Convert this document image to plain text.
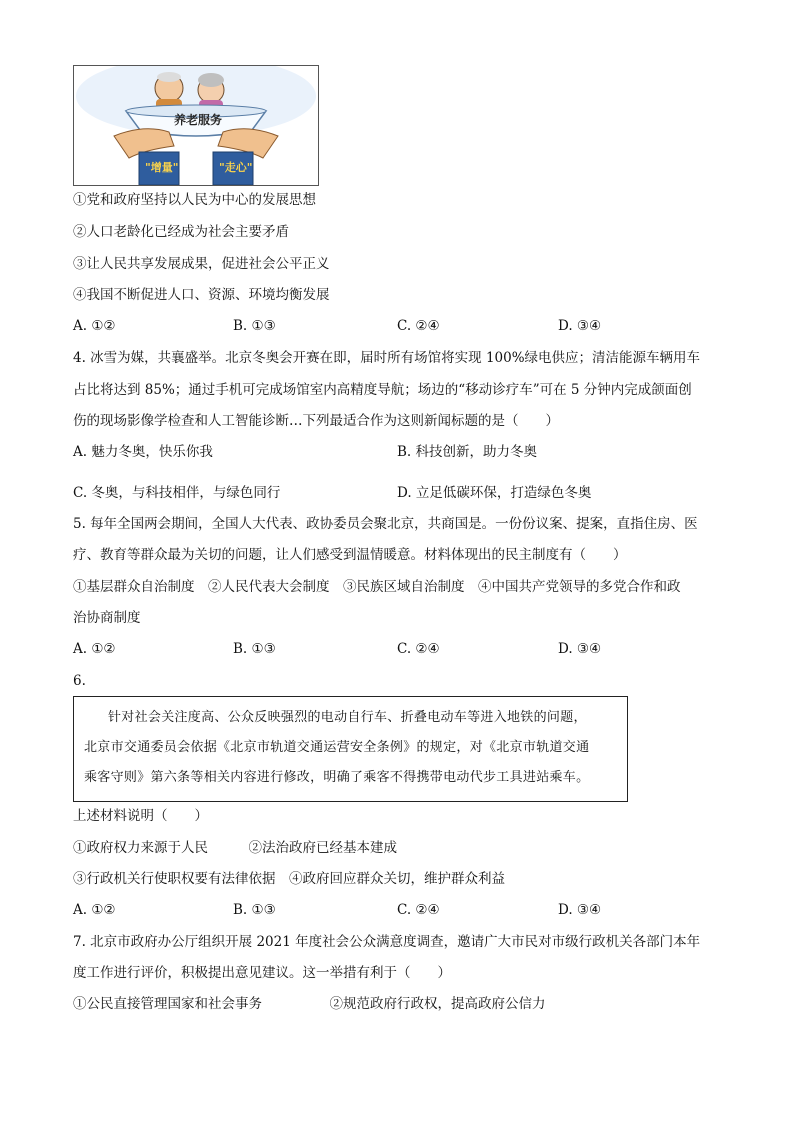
养老服务
"增量"	"走心"
①党和政府坚持以人民为中心的发展思想
②人口老龄化已经成为社会主要矛盾
③让人民共享发展成果，促进社会公平正义
④我国不断促进人口、资源、环境均衡发展
A. ①②	B. ①③	C. ②④	D. ③④
4. 冰雪为媒，共襄盛举。北京冬奥会开赛在即，届时所有场馆将实现 100%绿电供应；清洁能源车辆用车
占比将达到 85%；通过手机可完成场馆室内高精度导航；场边的“移动诊疗车”可在 5 分钟内完成颌面创
伤的现场影像学检查和人工智能诊断…下列最适合作为这则新闻标题的是（　　）
A. 魅力冬奥，快乐你我	B. 科技创新，助力冬奥
C. 冬奥，与科技相伴，与绿色同行	D. 立足低碳环保，打造绿色冬奥
5. 每年全国两会期间，全国人大代表、政协委员会聚北京，共商国是。一份份议案、提案，直指住房、医
疗、教育等群众最为关切的问题，让人们感受到温情暖意。材料体现出的民主制度有（　　）
①基层群众自治制度　②人民代表大会制度　③民族区域自治制度　④中国共产党领导的多党合作和政
治协商制度
A. ①②	B. ①③	C. ②④	D. ③④
6.
针对社会关注度高、公众反映强烈的电动自行车、折叠电动车等进入地铁的问题，
北京市交通委员会依据《北京市轨道交通运营安全条例》的规定，对《北京市轨道交通
乘客守则》第六条等相关内容进行修改，明确了乘客不得携带电动代步工具进站乘车。
上述材料说明（　　）
①政府权力来源于人民　　　②法治政府已经基本建成
③行政机关行使职权要有法律依据　④政府回应群众关切，维护群众利益
A. ①②	B. ①③	C. ②④	D. ③④
7. 北京市政府办公厅组织开展 2021 年度社会公众满意度调查，邀请广大市民对市级行政机关各部门本年
度工作进行评价，积极提出意见建议。这一举措有利于（　　）
①公民直接管理国家和社会事务　　　　　②规范政府行政权，提高政府公信力
